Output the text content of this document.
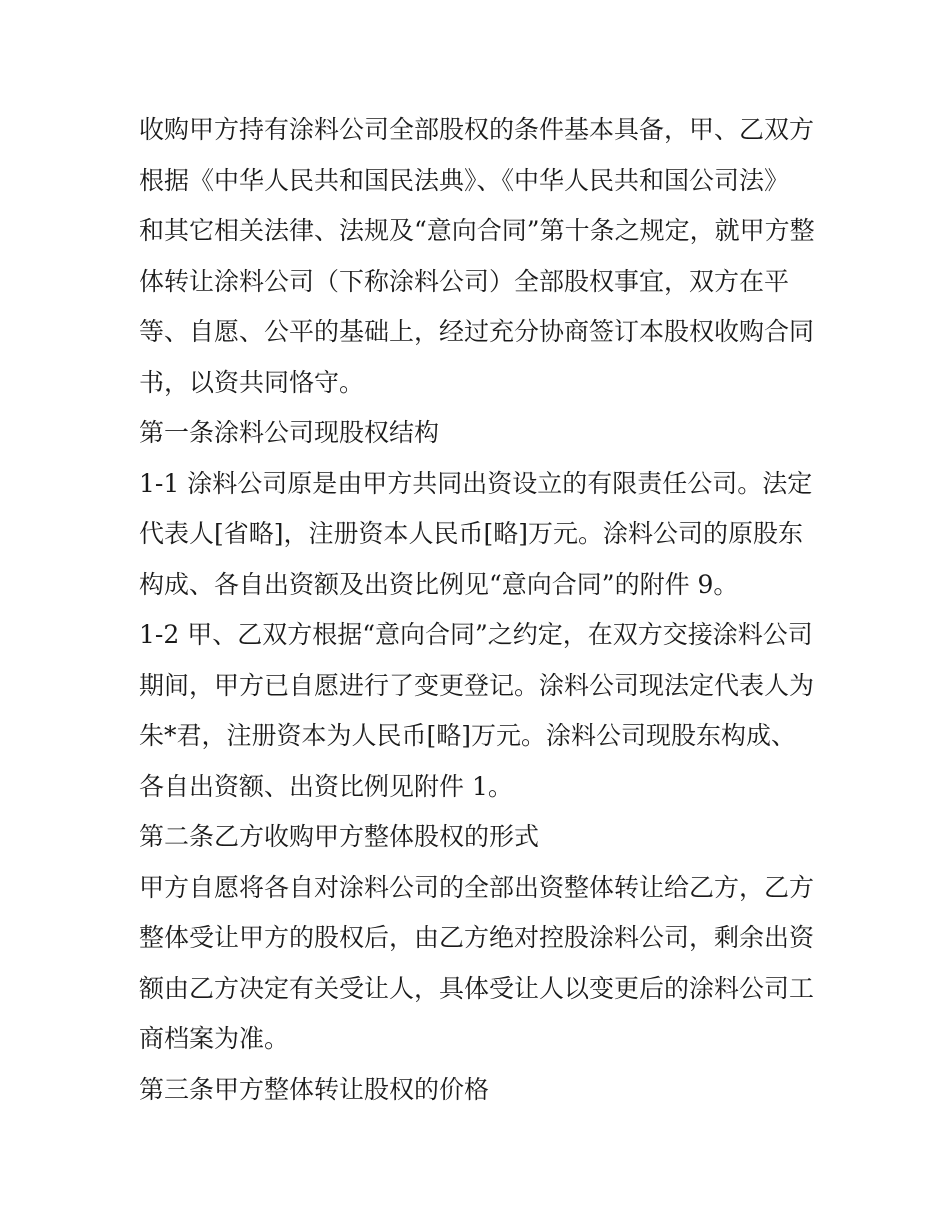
收购甲方持有涂料公司全部股权的条件基本具备，甲、乙双方
根据《中华人民共和国民法典》、《中华人民共和国公司法》
和其它相关法律、法规及“意向合同”第十条之规定，就甲方整
体转让涂料公司（下称涂料公司）全部股权事宜，双方在平
等、自愿、公平的基础上，经过充分协商签订本股权收购合同
书，以资共同恪守。
第一条涂料公司现股权结构
1-1 涂料公司原是由甲方共同出资设立的有限责任公司。法定
代表人[省略]，注册资本人民币[略]万元。涂料公司的原股东
构成、各自出资额及出资比例见“意向合同”的附件 9。
1-2 甲、乙双方根据“意向合同”之约定，在双方交接涂料公司
期间，甲方已自愿进行了变更登记。涂料公司现法定代表人为
朱*君，注册资本为人民币[略]万元。涂料公司现股东构成、
各自出资额、出资比例见附件 1。
第二条乙方收购甲方整体股权的形式
甲方自愿将各自对涂料公司的全部出资整体转让给乙方，乙方
整体受让甲方的股权后，由乙方绝对控股涂料公司，剩余出资
额由乙方决定有关受让人，具体受让人以变更后的涂料公司工
商档案为准。
第三条甲方整体转让股权的价格
